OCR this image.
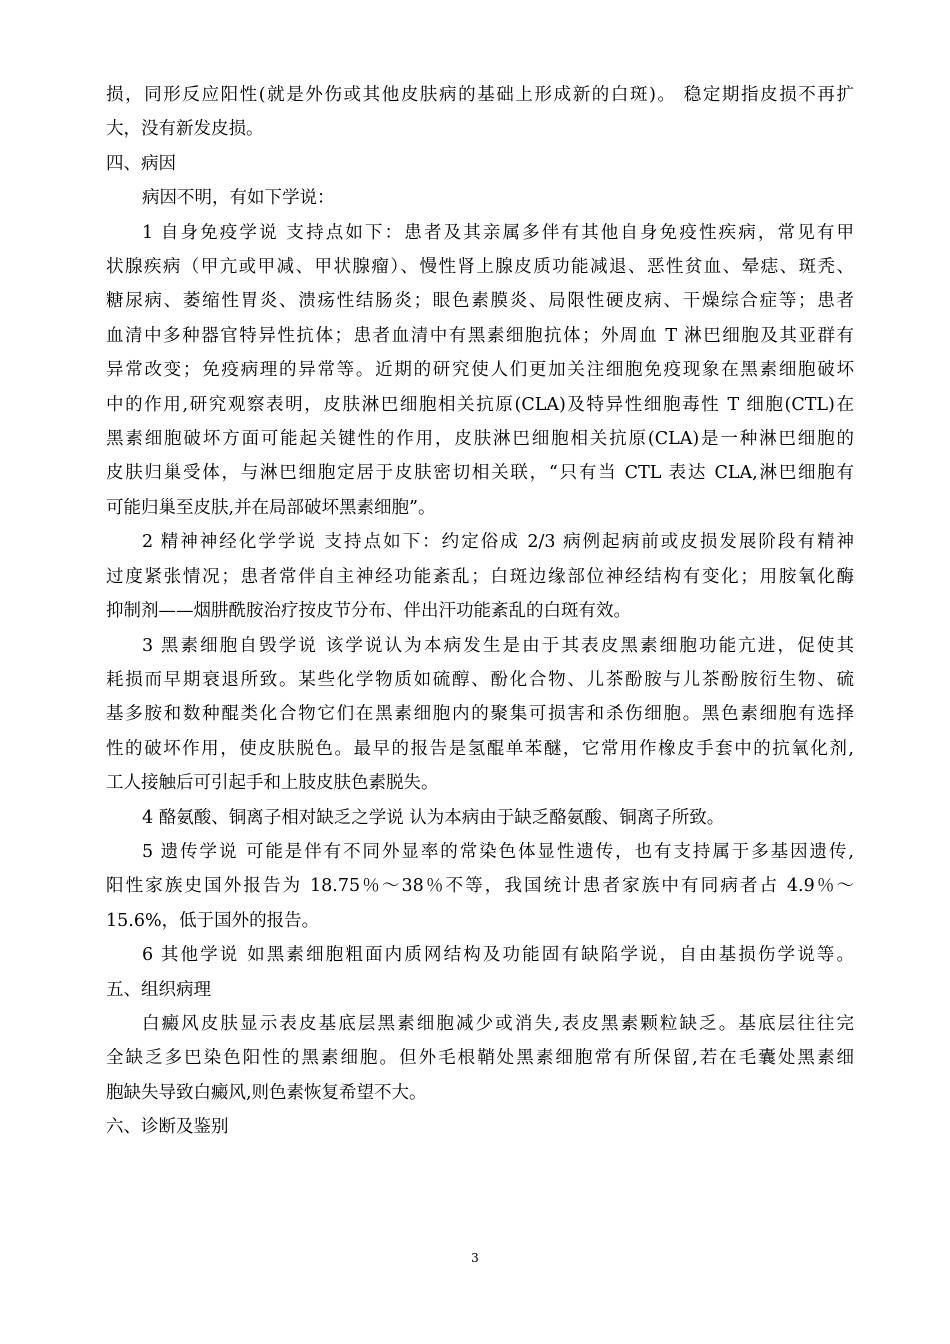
损，同形反应阳性(就是外伤或其他皮肤病的基础上形成新的白斑)。 稳定期指皮损不再扩
大，没有新发皮损。
四、病因
病因不明，有如下学说：
1 自身免疫学说 支持点如下：患者及其亲属多伴有其他自身免疫性疾病，常见有甲
状腺疾病（甲亢或甲减、甲状腺瘤）、慢性肾上腺皮质功能减退、恶性贫血、晕痣、斑秃、
糖尿病、萎缩性胃炎、溃疡性结肠炎；眼色素膜炎、局限性硬皮病、干燥综合症等；患者
血清中多种器官特异性抗体；患者血清中有黑素细胞抗体；外周血 T 淋巴细胞及其亚群有
异常改变；免疫病理的异常等。近期的研究使人们更加关注细胞免疫现象在黑素细胞破坏
中的作用,研究观察表明，皮肤淋巴细胞相关抗原(CLA)及特异性细胞毒性 T 细胞(CTL)在
黑素细胞破坏方面可能起关键性的作用，皮肤淋巴细胞相关抗原(CLA)是一种淋巴细胞的
皮肤归巢受体，与淋巴细胞定居于皮肤密切相关联，“只有当 CTL 表达 CLA,淋巴细胞有
可能归巢至皮肤,并在局部破坏黑素细胞”。
2 精神神经化学学说 支持点如下：约定俗成 2/3 病例起病前或皮损发展阶段有精神
过度紧张情况；患者常伴自主神经功能紊乱；白斑边缘部位神经结构有变化；用胺氧化酶
抑制剂——烟肼酰胺治疗按皮节分布、伴出汗功能紊乱的白斑有效。
3 黑素细胞自毁学说 该学说认为本病发生是由于其表皮黑素细胞功能亢进，促使其
耗损而早期衰退所致。某些化学物质如硫醇、酚化合物、儿茶酚胺与儿茶酚胺衍生物、硫
基多胺和数种醌类化合物它们在黑素细胞内的聚集可损害和杀伤细胞。黑色素细胞有选择
性的破坏作用，使皮肤脱色。最早的报告是氢醌单苯醚，它常用作橡皮手套中的抗氧化剂,
工人接触后可引起手和上肢皮肤色素脱失。
4 酪氨酸、铜离子相对缺乏之学说 认为本病由于缺乏酪氨酸、铜离子所致。
5 遗传学说 可能是伴有不同外显率的常染色体显性遗传，也有支持属于多基因遗传,
阳性家族史国外报告为 18.75％～38％不等，我国统计患者家族中有同病者占 4.9％～
15.6%，低于国外的报告。
6 其他学说 如黑素细胞粗面内质网结构及功能固有缺陷学说，自由基损伤学说等。
五、组织病理
白癜风皮肤显示表皮基底层黑素细胞减少或消失,表皮黑素颗粒缺乏。基底层往往完
全缺乏多巴染色阳性的黑素细胞。但外毛根鞘处黑素细胞常有所保留,若在毛囊处黑素细
胞缺失导致白癜风,则色素恢复希望不大。
六、诊断及鉴别
3
